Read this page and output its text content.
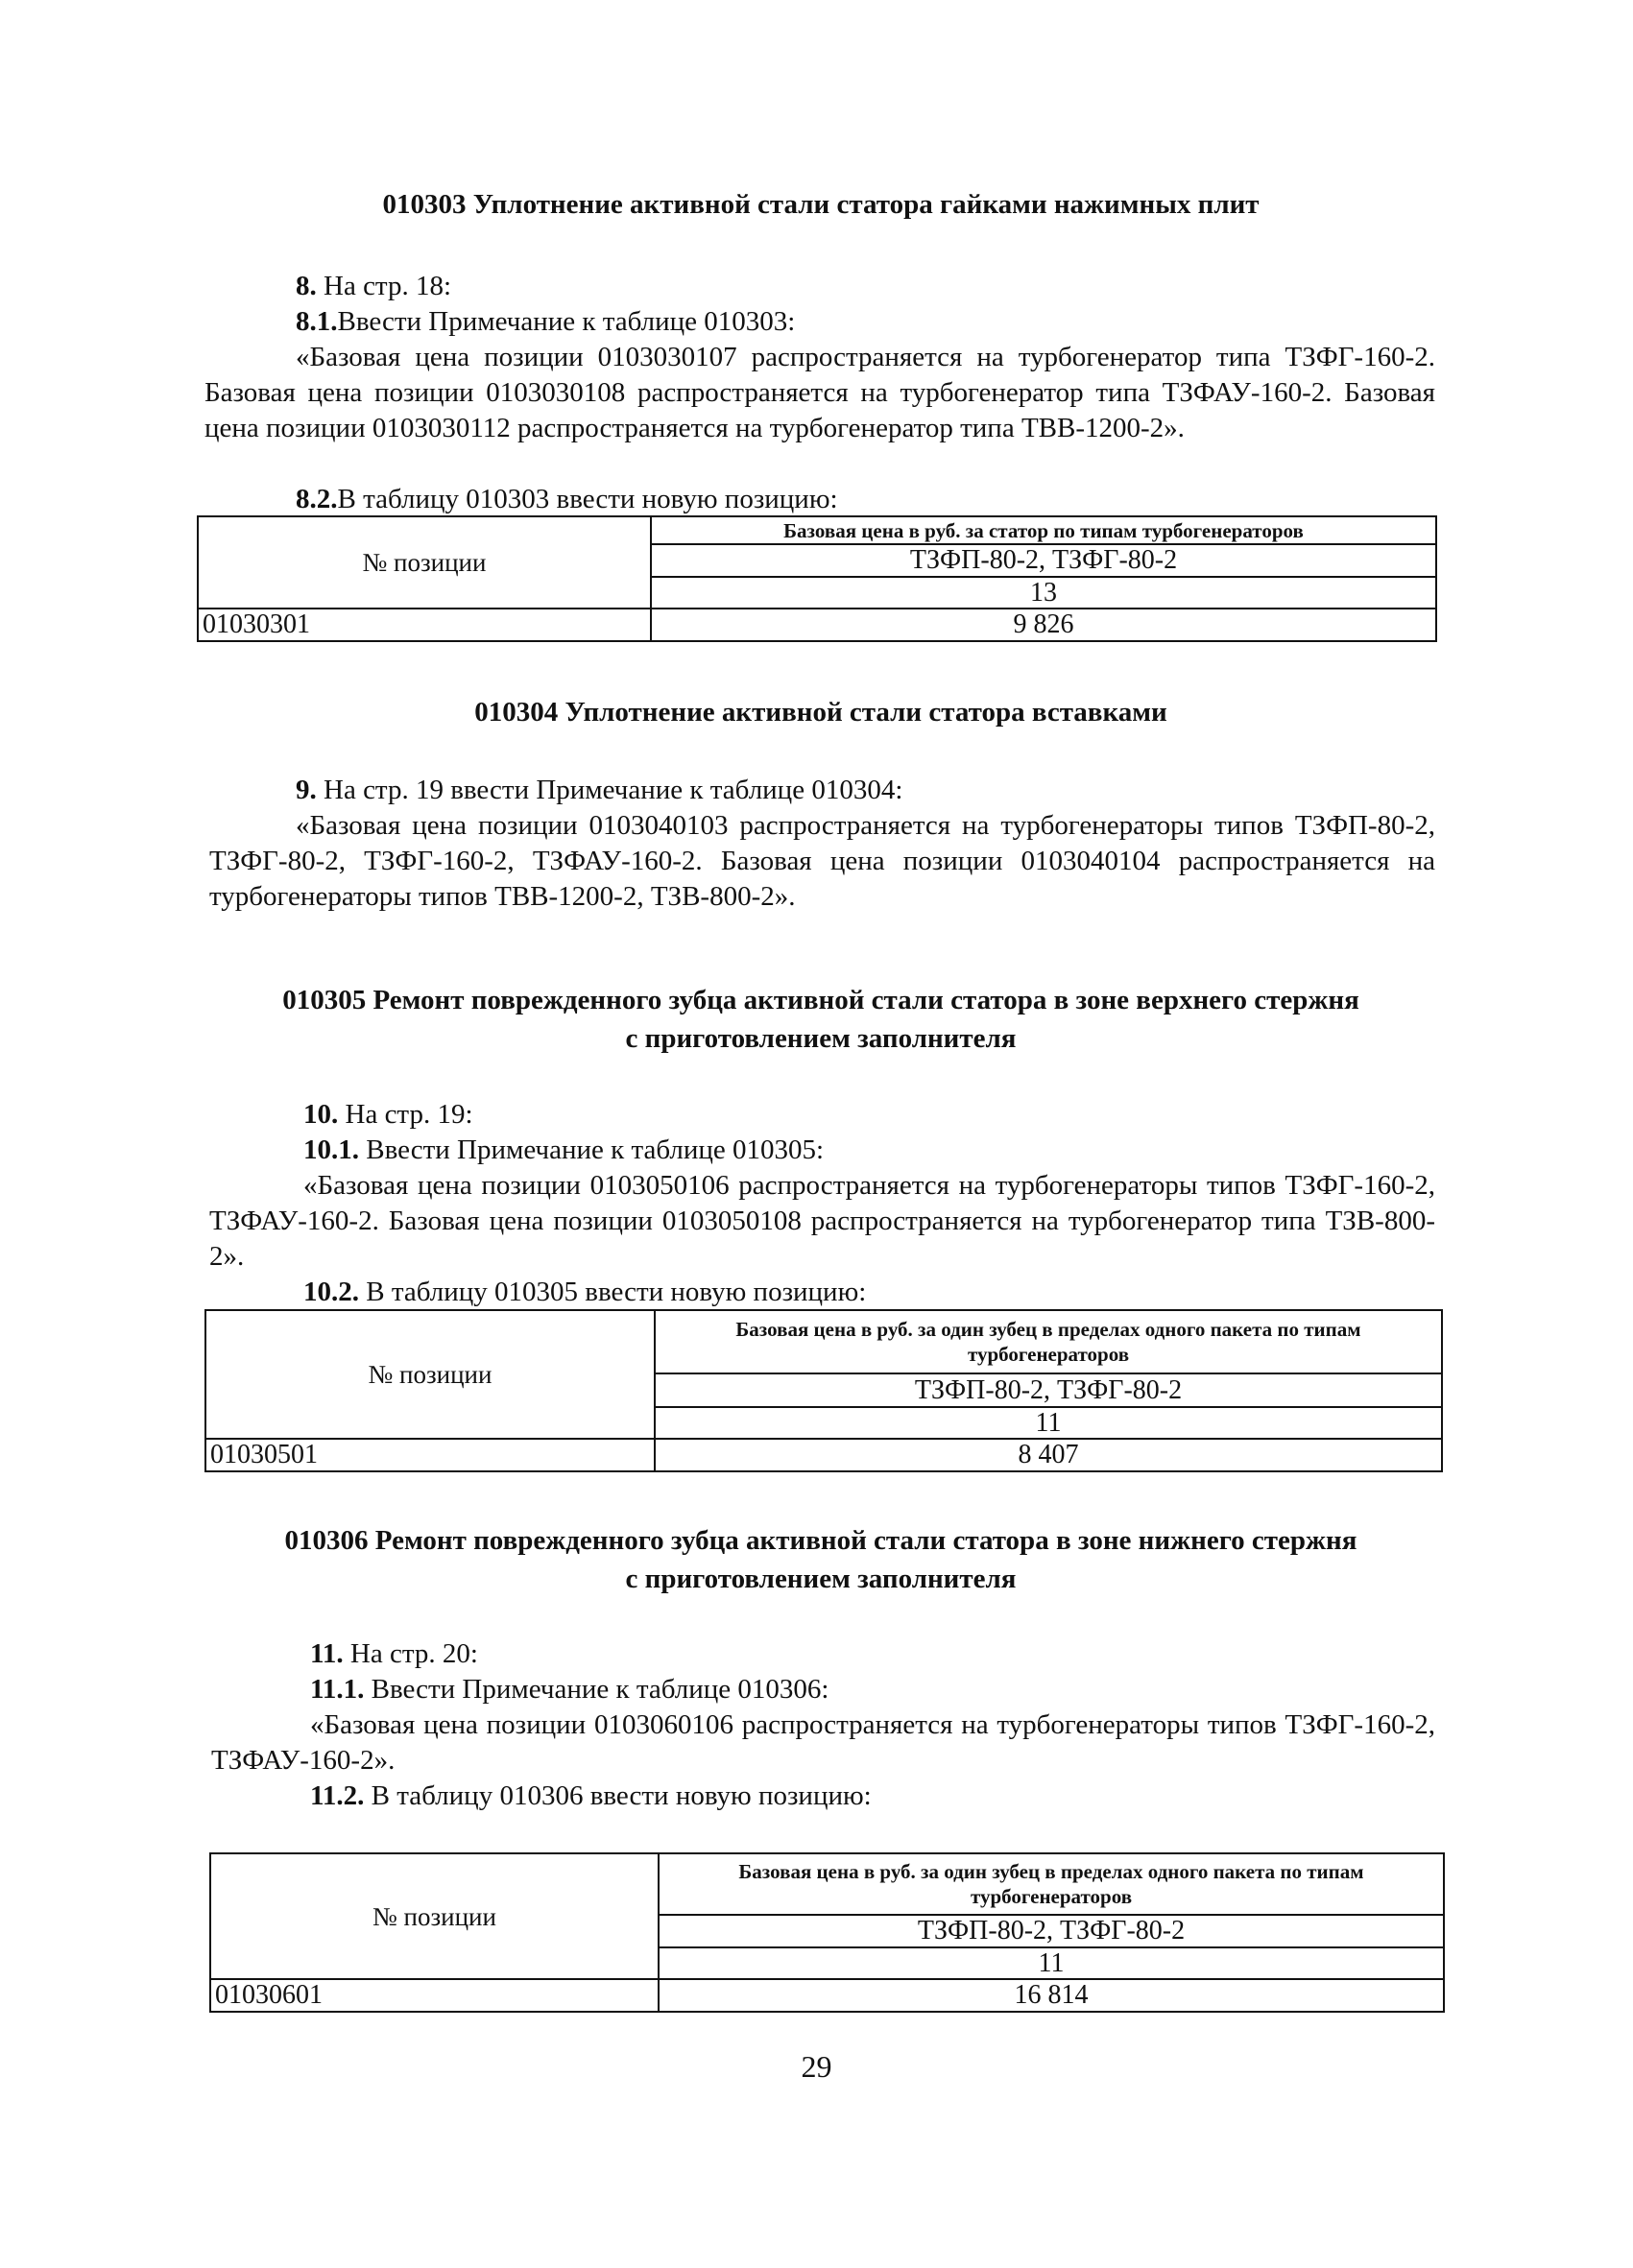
010303 Уплотнение активной стали статора гайками нажимных плит
8. На стр. 18:
8.1.Ввести Примечание к таблице 010303:
«Базовая цена позиции 0103030107 распространяется на турбогенератор типа ТЗФГ-160-2. Базовая цена позиции 0103030108 распространяется на турбогенератор типа ТЗФАУ-160-2. Базовая цена позиции 0103030112 распространяется на турбогенератор типа ТВВ-1200-2».
8.2.В таблицу 010303 ввести новую позицию:
№ позиции	Базовая цена в руб. за статор по типам турбогенераторов
	ТЗФП-80-2, ТЗФГ-80-2
	13
01030301	9 826
010304 Уплотнение активной стали статора вставками
9. На стр. 19 ввести Примечание к таблице 010304:
«Базовая цена позиции 0103040103 распространяется на турбогенераторы типов ТЗФП-80-2, ТЗФГ-80-2, ТЗФГ-160-2, ТЗФАУ-160-2. Базовая цена позиции 0103040104 распространяется на турбогенераторы типов ТВВ-1200-2, ТЗВ-800-2».
010305 Ремонт поврежденного зубца активной стали статора в зоне верхнего стержня
с приготовлением заполнителя
10. На стр. 19:
10.1. Ввести Примечание к таблице 010305:
«Базовая цена позиции 0103050106 распространяется на турбогенераторы типов ТЗФГ-160-2, ТЗФАУ-160-2. Базовая цена позиции 0103050108 распространяется на турбогенератор типа ТЗВ-800-2».
10.2. В таблицу 010305 ввести новую позицию:
№ позиции	Базовая цена в руб. за один зубец в пределах одного пакета по типам турбогенераторов
	ТЗФП-80-2, ТЗФГ-80-2
	11
01030501	8 407
010306 Ремонт поврежденного зубца активной стали статора в зоне нижнего стержня
с приготовлением заполнителя
11. На стр. 20:
11.1. Ввести Примечание к таблице 010306:
«Базовая цена позиции 0103060106 распространяется на турбогенераторы типов ТЗФГ-160-2, ТЗФАУ-160-2».
11.2. В таблицу 010306 ввести новую позицию:
№ позиции	Базовая цена в руб. за один зубец в пределах одного пакета по типам турбогенераторов
	ТЗФП-80-2, ТЗФГ-80-2
	11
01030601	16 814
29
